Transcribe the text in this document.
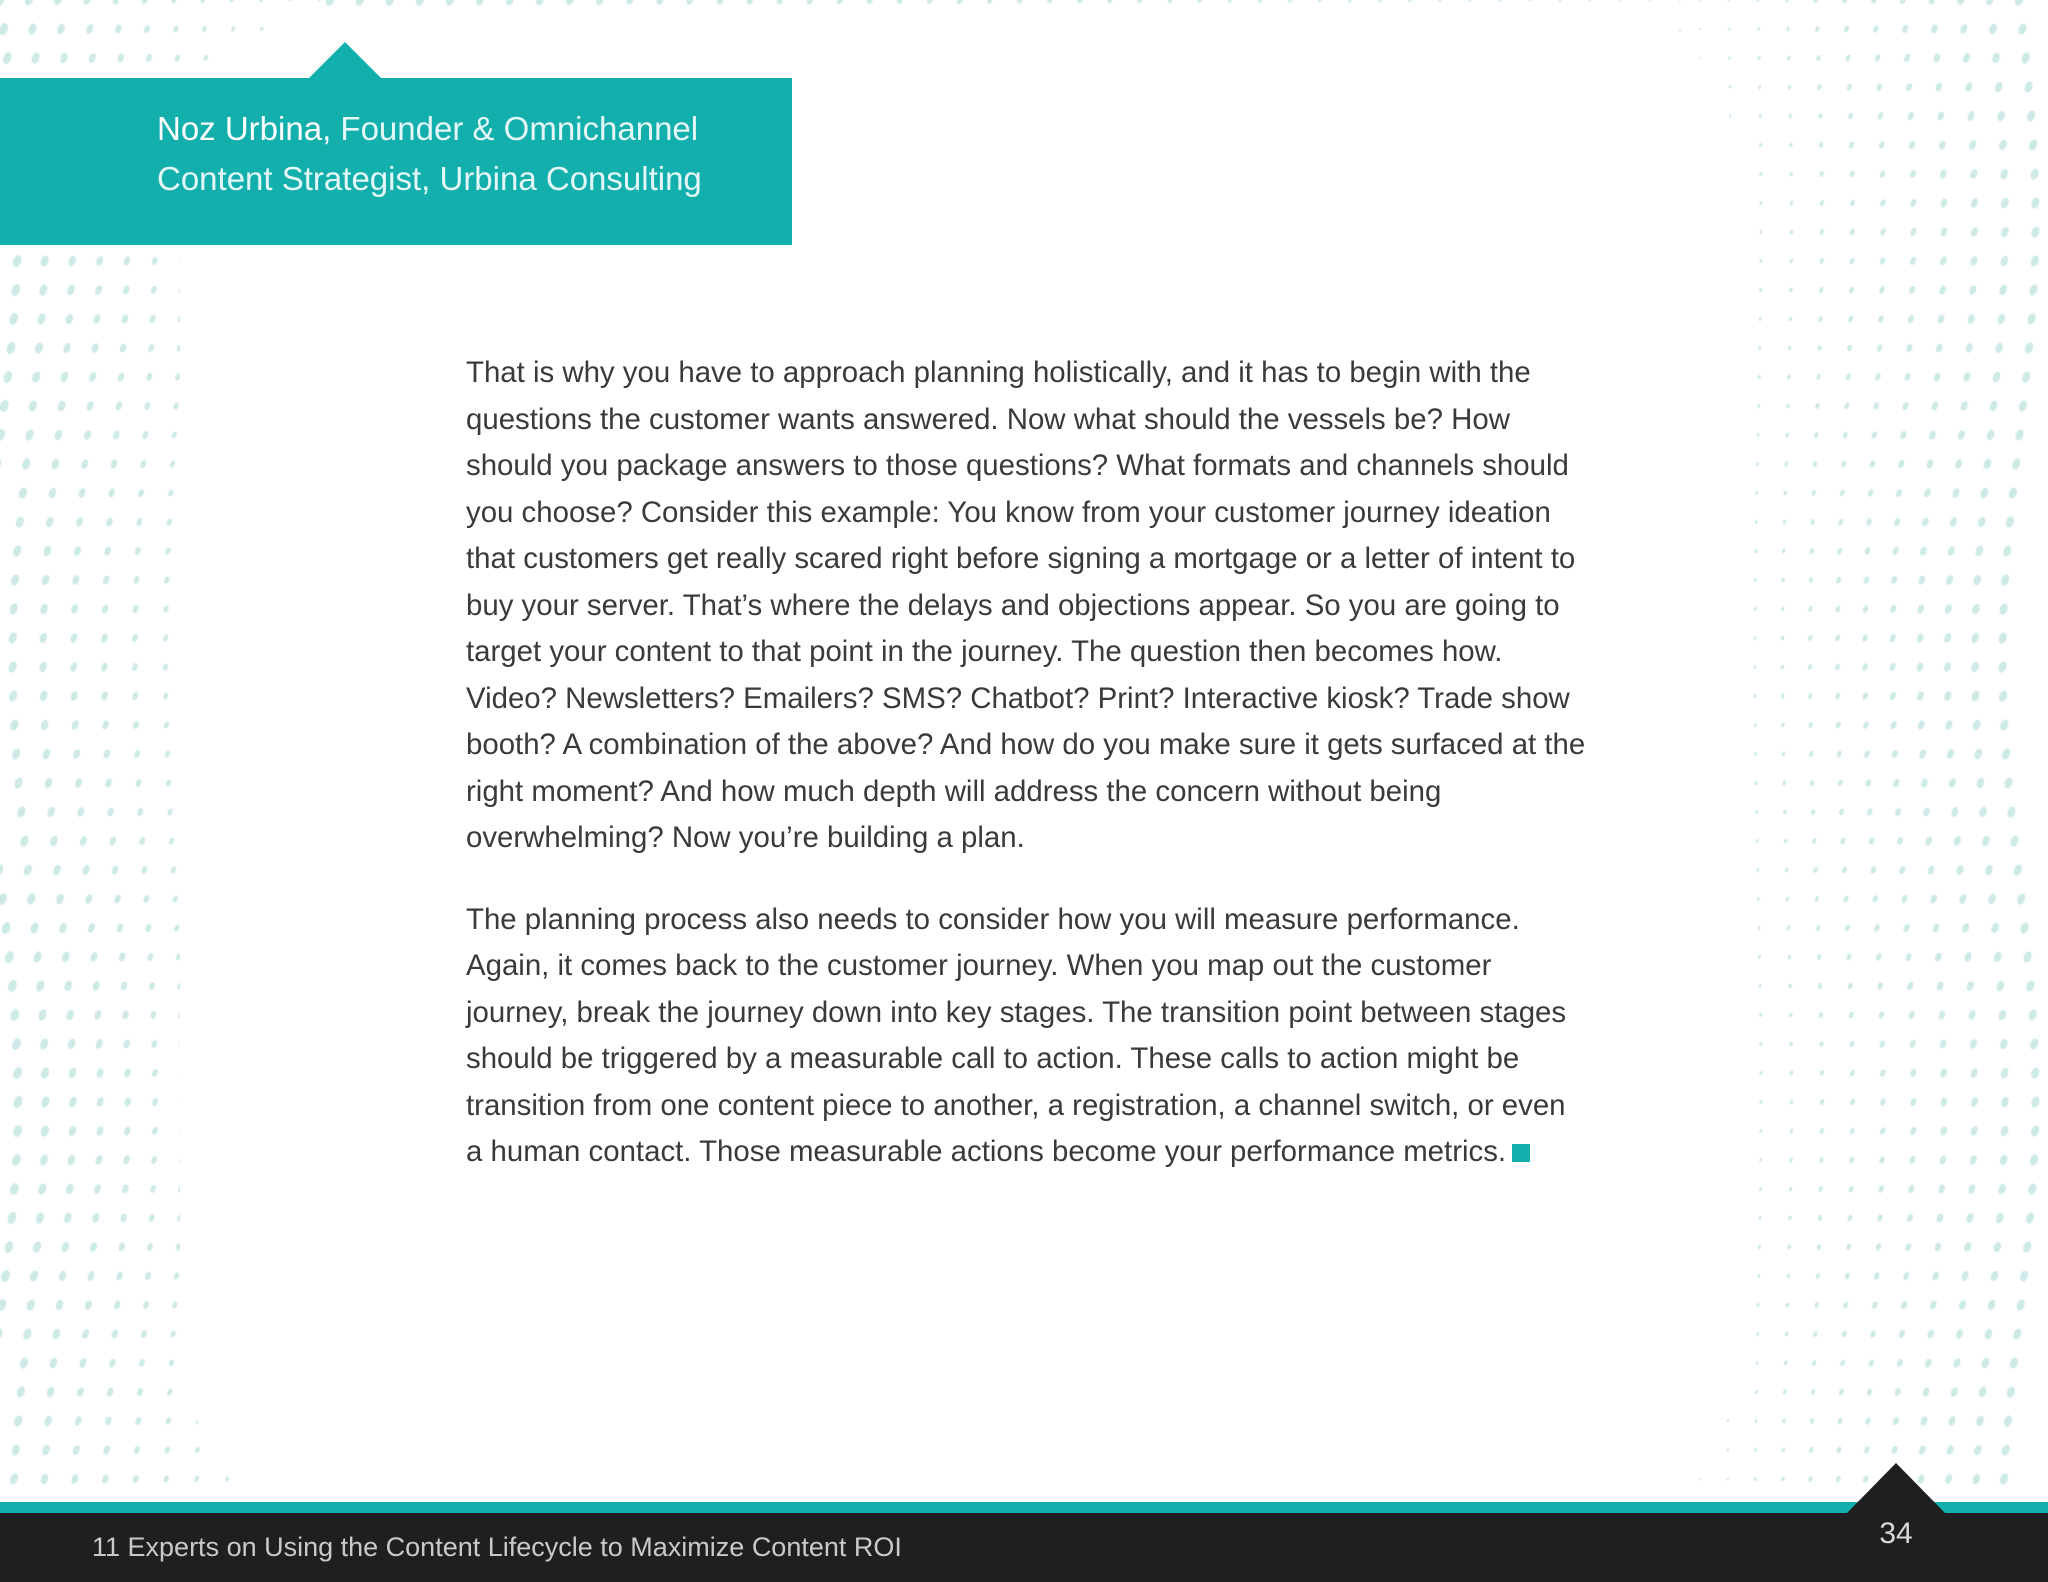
Noz Urbina, Founder & Omnichannel
Content Strategist, Urbina Consulting

That is why you have to approach planning holistically, and it has to begin with the questions the customer wants answered. Now what should the vessels be? How should you package answers to those questions? What formats and channels should you choose? Consider this example: You know from your customer journey ideation that customers get really scared right before signing a mortgage or a letter of intent to buy your server. That’s where the delays and objections appear. So you are going to target your content to that point in the journey. The question then becomes how. Video? Newsletters? Emailers? SMS? Chatbot? Print? Interactive kiosk? Trade show booth? A combination of the above? And how do you make sure it gets surfaced at the right moment? And how much depth will address the concern without being overwhelming? Now you’re building a plan.

The planning process also needs to consider how you will measure performance. Again, it comes back to the customer journey. When you map out the customer journey, break the journey down into key stages. The transition point between stages should be triggered by a measurable call to action. These calls to action might be transition from one content piece to another, a registration, a channel switch, or even a human contact. Those measurable actions become your performance metrics.

11 Experts on Using the Content Lifecycle to Maximize Content ROI	34
